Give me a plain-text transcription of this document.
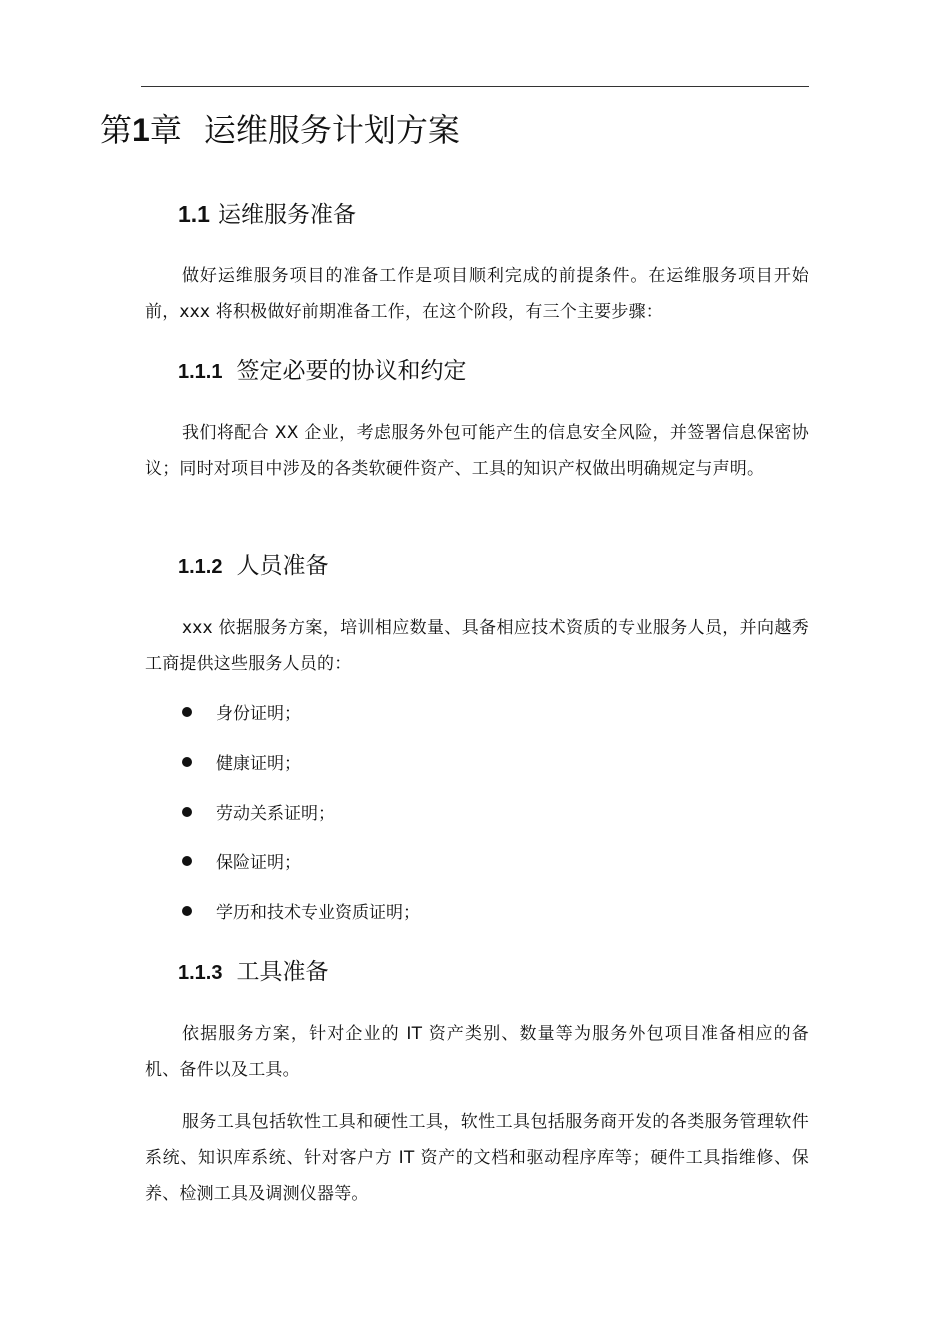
第1章 运维服务计划方案
1.1 运维服务准备

做好运维服务项目的准备工作是项目顺利完成的前提条件。在运维服务项目开始前，xxx 将积极做好前期准备工作，在这个阶段，有三个主要步骤：

1.1.1 签定必要的协议和约定

我们将配合 XX 企业，考虑服务外包可能产生的信息安全风险，并签署信息保密协议；同时对项目中涉及的各类软硬件资产、工具的知识产权做出明确规定与声明。

1.1.2 人员准备

xxx 依据服务方案，培训相应数量、具备相应技术资质的专业服务人员，并向越秀工商提供这些服务人员的：

身份证明；
健康证明；
劳动关系证明；
保险证明；
学历和技术专业资质证明；
1.1.3 工具准备

依据服务方案，针对企业的 IT 资产类别、数量等为服务外包项目准备相应的备机、备件以及工具。

服务工具包括软性工具和硬性工具，软性工具包括服务商开发的各类服务管理软件系统、知识库系统、针对客户方 IT 资产的文档和驱动程序库等；硬件工具指维修、保养、检测工具及调测仪器等。
